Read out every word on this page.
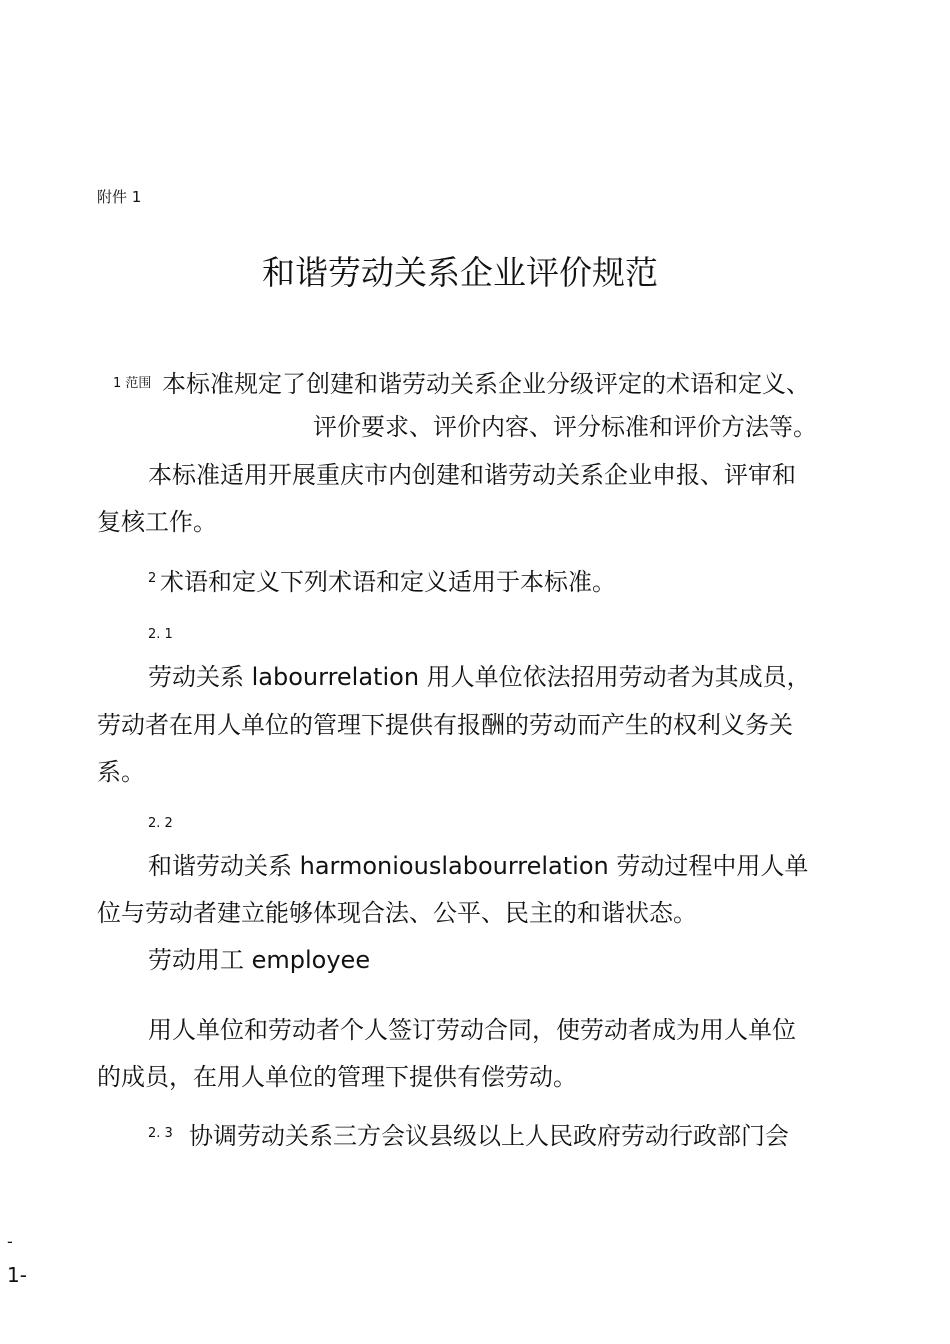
附件 1
和谐劳动关系企业评价规范
1 范围 本标准规定了创建和谐劳动关系企业分级评定的术语和定义、
评价要求、评价内容、评分标准和评价方法等。
本标准适用开展重庆市内创建和谐劳动关系企业申报、评审和
复核工作。
2 术语和定义下列术语和定义适用于本标准。
2. 1
劳动关系 labourrelation 用人单位依法招用劳动者为其成员，
劳动者在用人单位的管理下提供有报酬的劳动而产生的权利义务关
系。
2. 2
和谐劳动关系 harmoniouslabourrelation 劳动过程中用人单
位与劳动者建立能够体现合法、公平、民主的和谐状态。
劳动用工 employee
用人单位和劳动者个人签订劳动合同，使劳动者成为用人单位
的成员，在用人单位的管理下提供有偿劳动。
2. 3 协调劳动关系三方会议县级以上人民政府劳动行政部门会
-
1-
